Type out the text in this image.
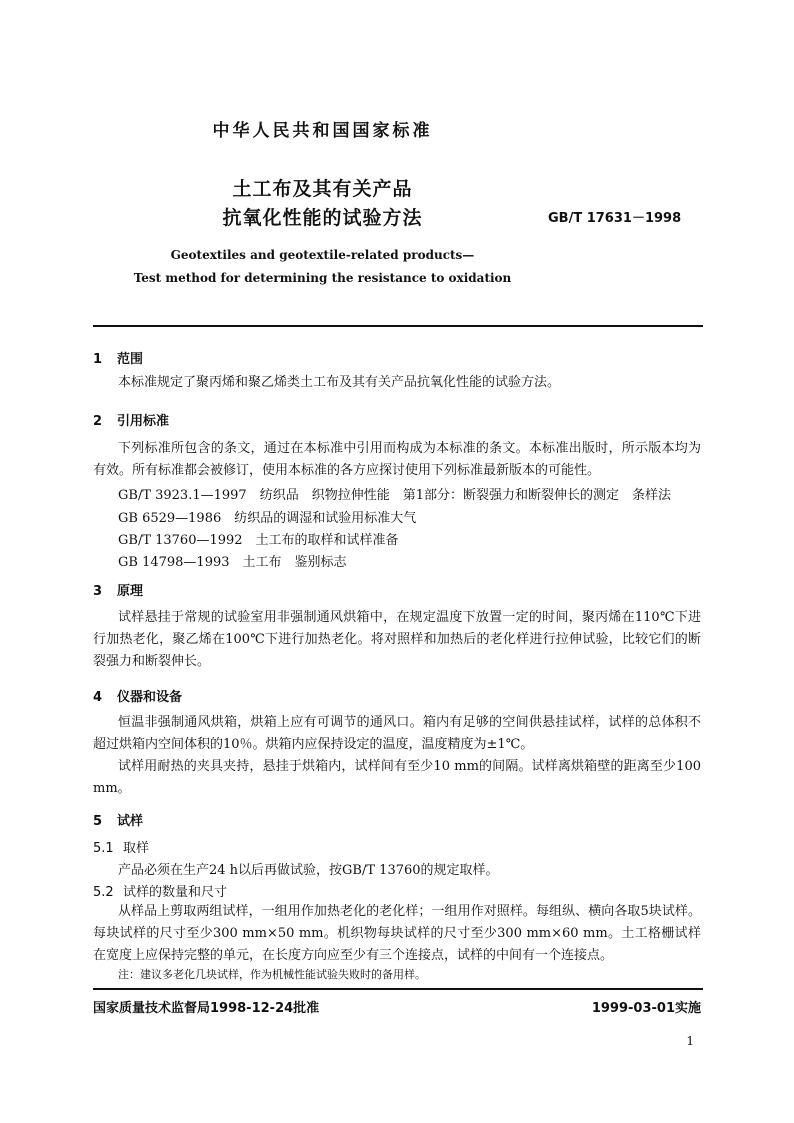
中华人民共和国国家标准
土工布及其有关产品
抗氧化性能的试验方法	GB/T 17631－1998
Geotextiles and geotextile-related products—
Test method for determining the resistance to oxidation
1 范围
本标准规定了聚丙烯和聚乙烯类土工布及其有关产品抗氧化性能的试验方法。
2 引用标准
下列标准所包含的条文，通过在本标准中引用而构成为本标准的条文。本标准出版时，所示版本均为有效。所有标准都会被修订，使用本标准的各方应探讨使用下列标准最新版本的可能性。
GB/T 3923.1—1997　纺织品　织物拉伸性能　第1部分：断裂强力和断裂伸长的测定　条样法
GB 6529—1986　纺织品的调湿和试验用标准大气
GB/T 13760—1992　土工布的取样和试样准备
GB 14798—1993　土工布　鉴别标志
3 原理
试样悬挂于常规的试验室用非强制通风烘箱中，在规定温度下放置一定的时间，聚丙烯在110℃下进行加热老化，聚乙烯在100℃下进行加热老化。将对照样和加热后的老化样进行拉伸试验，比较它们的断裂强力和断裂伸长。
4 仪器和设备
恒温非强制通风烘箱，烘箱上应有可调节的通风口。箱内有足够的空间供悬挂试样，试样的总体积不超过烘箱内空间体积的10％。烘箱内应保持设定的温度，温度精度为±1℃。
试样用耐热的夹具夹持，悬挂于烘箱内，试样间有至少10 mm的间隔。试样离烘箱壁的距离至少100 mm。
5 试样
5.1 取样
产品必须在生产24 h以后再做试验，按GB/T 13760的规定取样。
5.2 试样的数量和尺寸
从样品上剪取两组试样，一组用作加热老化的老化样；一组用作对照样。每组纵、横向各取5块试样。每块试样的尺寸至少300 mm×50 mm。机织物每块试样的尺寸至少300 mm×60 mm。土工格栅试样在宽度上应保持完整的单元，在长度方向应至少有三个连接点，试样的中间有一个连接点。
注：建议多老化几块试样，作为机械性能试验失败时的备用样。
国家质量技术监督局1998-12-24批准	1999-03-01实施
1
